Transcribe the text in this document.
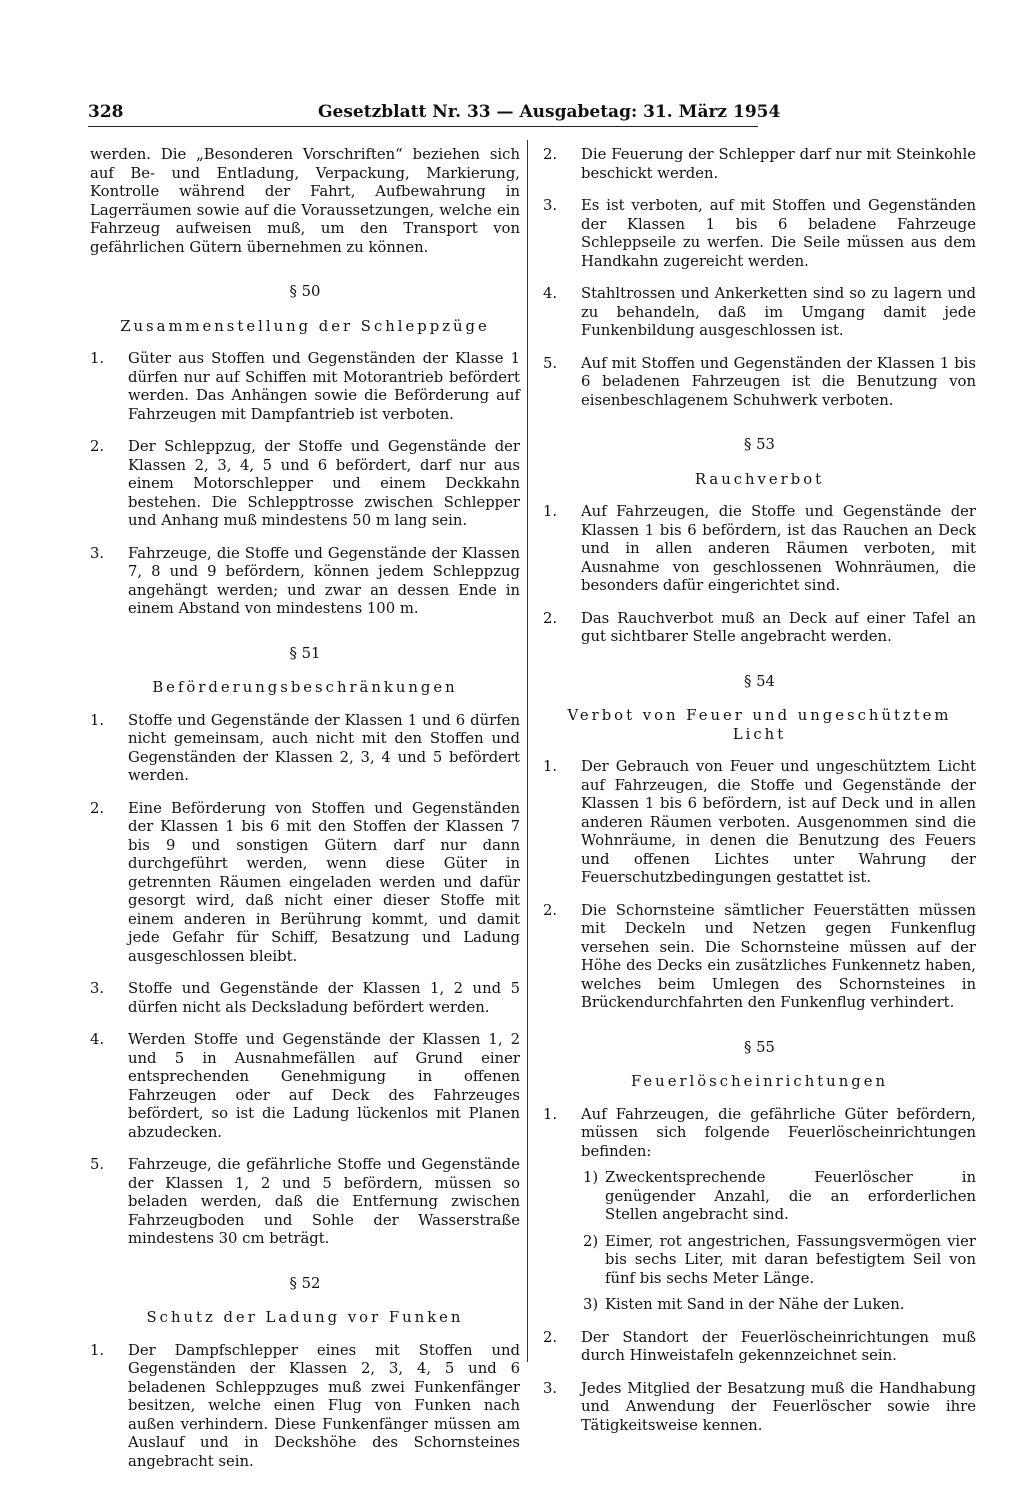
328	Gesetzblatt Nr. 33 — Ausgabetag: 31. März 1954

werden. Die „Besonderen Vorschriften“ beziehen sich auf Be- und Entladung, Verpackung, Markierung, Kontrolle während der Fahrt, Aufbewahrung in Lagerräumen sowie auf die Voraussetzungen, welche ein Fahrzeug aufweisen muß, um den Transport von gefährlichen Gütern übernehmen zu können.

§ 50

Zusammenstellung der Schleppzüge

1. Güter aus Stoffen und Gegenständen der Klasse 1 dürfen nur auf Schiffen mit Motorantrieb befördert werden. Das Anhängen sowie die Beförderung auf Fahrzeugen mit Dampfantrieb ist verboten.
2. Der Schleppzug, der Stoffe und Gegenstände der Klassen 2, 3, 4, 5 und 6 befördert, darf nur aus einem Motorschlepper und einem Deckkahn bestehen. Die Schlepptrosse zwischen Schlepper und Anhang muß mindestens 50 m lang sein.
3. Fahrzeuge, die Stoffe und Gegenstände der Klassen 7, 8 und 9 befördern, können jedem Schleppzug angehängt werden; und zwar an dessen Ende in einem Abstand von mindestens 100 m.

§ 51

Beförderungsbeschränkungen

1. Stoffe und Gegenstände der Klassen 1 und 6 dürfen nicht gemeinsam, auch nicht mit den Stoffen und Gegenständen der Klassen 2, 3, 4 und 5 befördert werden.
2. Eine Beförderung von Stoffen und Gegenständen der Klassen 1 bis 6 mit den Stoffen der Klassen 7 bis 9 und sonstigen Gütern darf nur dann durchgeführt werden, wenn diese Güter in getrennten Räumen eingeladen werden und dafür gesorgt wird, daß nicht einer dieser Stoffe mit einem anderen in Berührung kommt, und damit jede Gefahr für Schiff, Besatzung und Ladung ausgeschlossen bleibt.
3. Stoffe und Gegenstände der Klassen 1, 2 und 5 dürfen nicht als Decksladung befördert werden.
4. Werden Stoffe und Gegenstände der Klassen 1, 2 und 5 in Ausnahmefällen auf Grund einer entsprechenden Genehmigung in offenen Fahrzeugen oder auf Deck des Fahrzeuges befördert, so ist die Ladung lückenlos mit Planen abzudecken.
5. Fahrzeuge, die gefährliche Stoffe und Gegenstände der Klassen 1, 2 und 5 befördern, müssen so beladen werden, daß die Entfernung zwischen Fahrzeugboden und Sohle der Wasserstraße mindestens 30 cm beträgt.

§ 52

Schutz der Ladung vor Funken

1. Der Dampfschlepper eines mit Stoffen und Gegenständen der Klassen 2, 3, 4, 5 und 6 beladenen Schleppzuges muß zwei Funkenfänger besitzen, welche einen Flug von Funken nach außen verhindern. Diese Funkenfänger müssen am Auslauf und in Deckshöhe des Schornsteines angebracht sein.
2. Die Feuerung der Schlepper darf nur mit Steinkohle beschickt werden.
3. Es ist verboten, auf mit Stoffen und Gegenständen der Klassen 1 bis 6 beladene Fahrzeuge Schleppseile zu werfen. Die Seile müssen aus dem Handkahn zugereicht werden.
4. Stahltrossen und Ankerketten sind so zu lagern und zu behandeln, daß im Umgang damit jede Funkenbildung ausgeschlossen ist.
5. Auf mit Stoffen und Gegenständen der Klassen 1 bis 6 beladenen Fahrzeugen ist die Benutzung von eisenbeschlagenem Schuhwerk verboten.

§ 53

Rauchverbot

1. Auf Fahrzeugen, die Stoffe und Gegenstände der Klassen 1 bis 6 befördern, ist das Rauchen an Deck und in allen anderen Räumen verboten, mit Ausnahme von geschlossenen Wohnräumen, die besonders dafür eingerichtet sind.
2. Das Rauchverbot muß an Deck auf einer Tafel an gut sichtbarer Stelle angebracht werden.

§ 54

Verbot von Feuer und ungeschütztem Licht

1. Der Gebrauch von Feuer und ungeschütztem Licht auf Fahrzeugen, die Stoffe und Gegenstände der Klassen 1 bis 6 befördern, ist auf Deck und in allen anderen Räumen verboten. Ausgenommen sind die Wohnräume, in denen die Benutzung des Feuers und offenen Lichtes unter Wahrung der Feuerschutzbedingungen gestattet ist.
2. Die Schornsteine sämtlicher Feuerstätten müssen mit Deckeln und Netzen gegen Funkenflug versehen sein. Die Schornsteine müssen auf der Höhe des Decks ein zusätzliches Funkennetz haben, welches beim Umlegen des Schornsteines in Brückendurchfahrten den Funkenflug verhindert.

§ 55

Feuerlöscheinrichtungen

1. Auf Fahrzeugen, die gefährliche Güter befördern, müssen sich folgende Feuerlöscheinrichtungen befinden:
1) Zweckentsprechende Feuerlöscher in genügender Anzahl, die an erforderlichen Stellen angebracht sind.
2) Eimer, rot angestrichen, Fassungsvermögen vier bis sechs Liter, mit daran befestigtem Seil von fünf bis sechs Meter Länge.
3) Kisten mit Sand in der Nähe der Luken.
2. Der Standort der Feuerlöscheinrichtungen muß durch Hinweistafeln gekennzeichnet sein.
3. Jedes Mitglied der Besatzung muß die Handhabung und Anwendung der Feuerlöscher sowie ihre Tätigkeitsweise kennen.
